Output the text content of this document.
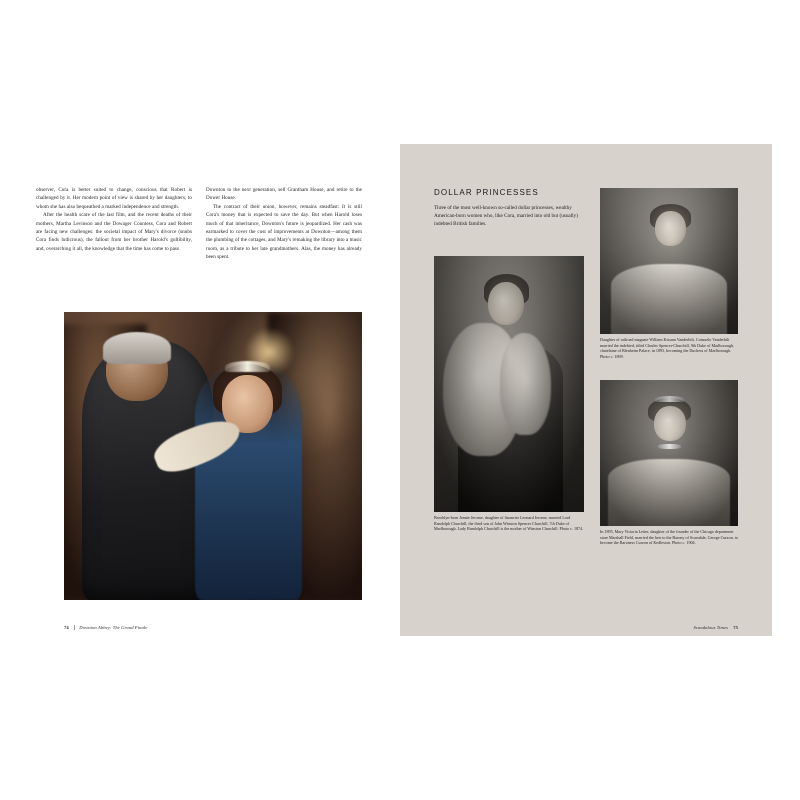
observer, Cora is better suited to change, conscious that Robert is challenged by it. Her modern point of view is shared by her daughters, to whom she has also bequeathed a marked independence and strength.

After the health scare of the last film, and the recent deaths of their mothers, Martha Levinson and the Dowager Countess, Cora and Robert are facing new challenges: the societal impact of Mary's divorce (snubs Cora finds ludicrous), the fallout from her brother Harold's gullibility, and, overarching it all, the knowledge that the time has come to pass

Downton to the next generation, sell Grantham House, and retire to the Dower House.

The contract of their union, however, remains steadfast: It is still Cora's money that is expected to save the day. But when Harold loses much of that inheritance, Downton's future is jeopardized. Her cash was earmarked to cover the cost of improvements at Downton—among them the plumbing of the cottages, and Mary's remaking the library into a music room, as a tribute to her late grandmothers. Alas, the money has already been spent.

74 Downton Abbey: The Grand Finale
DOLLAR PRINCESSES
Three of the most well-known so-called dollar princesses, wealthy American-born women who, like Cora, married into old but (usually) indebted British families.
Brooklyn-born Jennie Jerome, daughter of financier Leonard Jerome, married Lord Randolph Churchill, the third son of John Winston Spencer Churchill, 7th Duke of Marlborough. Lady Randolph Churchill is the mother of Winston Churchill. Photo c. 1874.
Daughter of railroad magnate William Kissam Vanderbilt, Consuelo Vanderbilt married the indebted, titled Charles Spencer-Churchill, 9th Duke of Marlborough, chatelaine of Blenheim Palace, in 1895, becoming the Duchess of Marlborough. Photo c. 1899.
In 1895, Mary Victoria Leiter, daughter of the founder of the Chicago department store Marshall Field, married the heir to the Barony of Scarsdale, George Curzon, to become the Baroness Curzon of Kedleston. Photo c. 1904.
Scandalous Times 75
